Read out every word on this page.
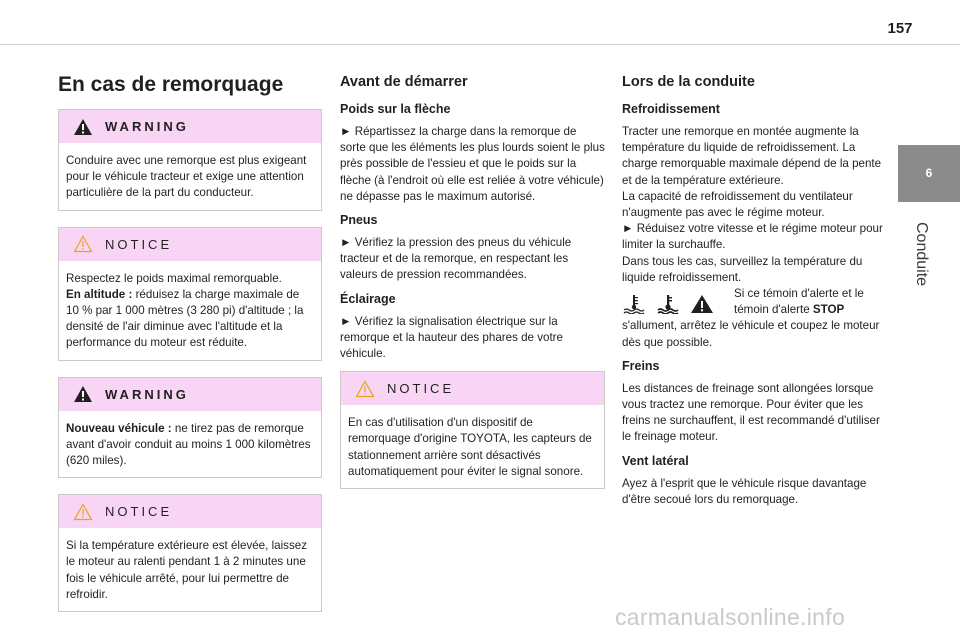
157
6
Conduite
En cas de remorquage
WARNING
Conduire avec une remorque est plus exigeant pour le véhicule tracteur et exige une attention particulière de la part du conducteur.
NOTICE
Respectez le poids maximal remorquable.
En altitude : réduisez la charge maximale de 10 % par 1 000 mètres (3 280 pi) d'altitude ; la densité de l'air diminue avec l'altitude et la performance du moteur est réduite.
WARNING
Nouveau véhicule : ne tirez pas de remorque avant d'avoir conduit au moins 1 000 kilomètres (620 miles).
NOTICE
Si la température extérieure est élevée, laissez le moteur au ralenti pendant 1 à 2 minutes une fois le véhicule arrêté, pour lui permettre de refroidir.
Avant de démarrer
Poids sur la flèche
► Répartissez la charge dans la remorque de sorte que les éléments les plus lourds soient le plus près possible de l'essieu et que le poids sur la flèche (à l'endroit où elle est reliée à votre véhicule) ne dépasse pas le maximum autorisé.
Pneus
► Vérifiez la pression des pneus du véhicule tracteur et de la remorque, en respectant les valeurs de pression recommandées.
Éclairage
► Vérifiez la signalisation électrique sur la remorque et la hauteur des phares de votre véhicule.
NOTICE
En cas d'utilisation d'un dispositif de remorquage d'origine TOYOTA, les capteurs de stationnement arrière sont désactivés automatiquement pour éviter le signal sonore.
Lors de la conduite
Refroidissement
Tracter une remorque en montée augmente la température du liquide de refroidissement. La charge remorquable maximale dépend de la pente et de la température extérieure.
La capacité de refroidissement du ventilateur n'augmente pas avec le régime moteur.
► Réduisez votre vitesse et le régime moteur pour limiter la surchauffe.
Dans tous les cas, surveillez la température du liquide refroidissement.
Si ce témoin d'alerte et le témoin d'alerte STOP
s'allument, arrêtez le véhicule et coupez le moteur dès que possible.
Freins
Les distances de freinage sont allongées lorsque vous tractez une remorque. Pour éviter que les freins ne surchauffent, il est recommandé d'utiliser le freinage moteur.
Vent latéral
Ayez à l'esprit que le véhicule risque davantage d'être secoué lors du remorquage.
carmanualsonline.info
